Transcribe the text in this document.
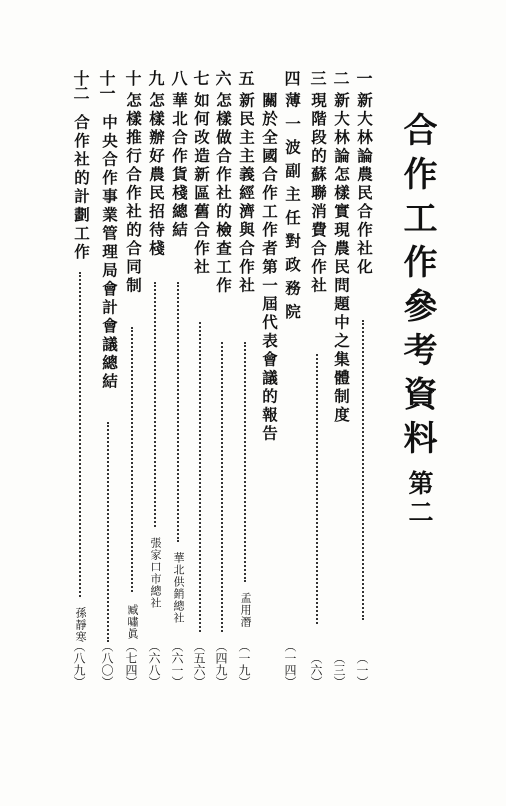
合作工作參考資料
第二
一
新大林論農民合作社化
（一）
二
新大林論怎樣實現農民問題中之集體制度
（三）
三
現階段的蘇聯消費合作社
（六）
四
薄一波副主任對政務院
（一四）
關於全國合作工作者第一屆代表會議的報告
五
新民主主義經濟與合作社
孟用潛
（一九）
六
怎樣做合作社的檢查工作
（四九）
七
如何改造新區舊合作社
（五六）
八
華北合作貨棧總結
華北供銷總社
（六一）
九
怎樣辦好農民招待棧
張家口市總社
（六八）
十
怎樣推行合作社的合同制
臧嘯眞
（七四）
十一
中央合作事業管理局會計會議總結
（八〇）
十二
合作社的計劃工作
孫靜寒
（八九）
